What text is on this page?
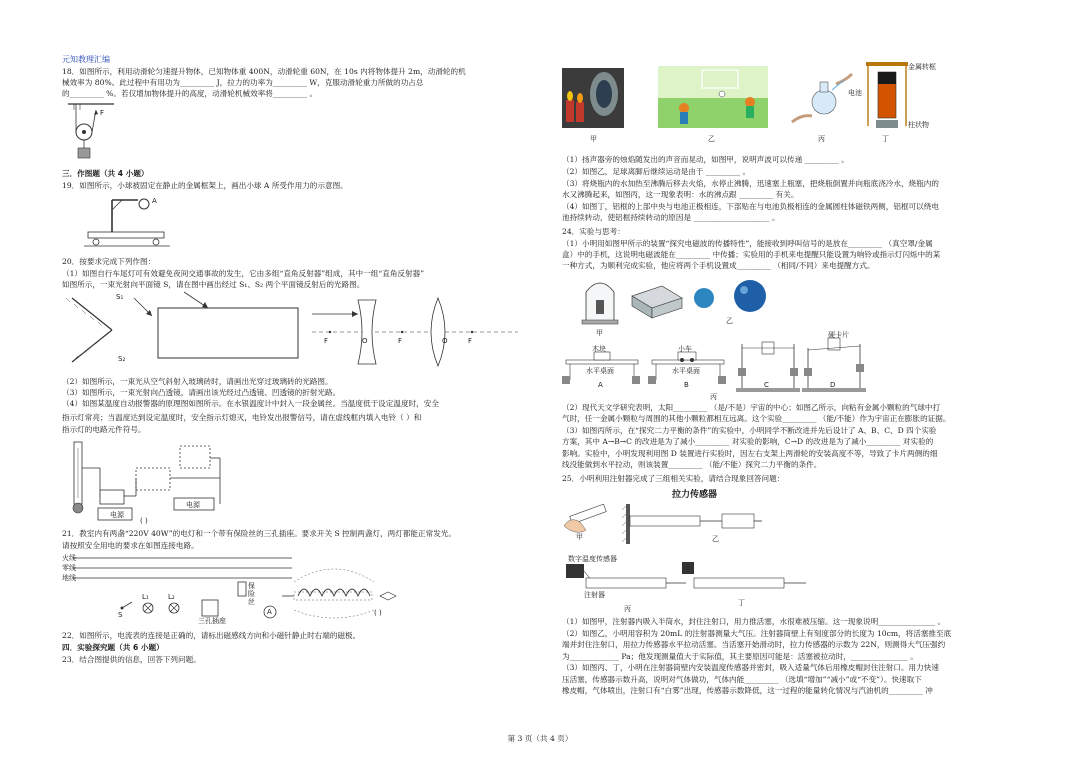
元知教理汇编
18．如图所示，利用动滑轮匀速提升物体，已知物体重 400N，动滑轮重 60N，在 10s 内将物体提升 2m，动滑轮的机
械效率为 80%。此过程中有用功为_________ J，拉力的功率为_________ W，克服动滑轮重力所做的功占总
的_________ %。若仅增加物体提升的高度，动滑轮机械效率将_________ 。
F
三．作图题（共 4 小题）
19．如图所示，小球被固定在静止的金属框架上，画出小球 A 所受作用力的示意图。
A
20．按要求完成下列作图：
（1）如图自行车尾灯可有效避免夜间交通事故的发生，它由多组“直角反射器”组成，其中一组“直角反射器”
如图所示，一束光射向平面镜 S，请在图中画出经过 S₁、S₂ 两个平面镜反射后的光路图。
S₁
S₂
F	O	F	O	F
（2）如图所示，一束光从空气斜射入玻璃砖时，请画出光穿过玻璃砖的光路图。
（3）如图所示，一束光射向凸透镜，请画出该光经过凸透镜、凹透镜的折射光路。
（4）如图某温度自动报警器的原理图如图所示。在水银温度计中封入一段金属丝。当温度低于设定温度时，安全
指示灯常亮；当温度达到设定温度时，安全指示灯熄灭，电铃发出报警信号，请在虚线框内填入电铃（ ）和
指示灯的电路元件符号。
电源
电源
( )
21．教室内有两盏“220V 40W”的电灯和一个带有保险丝的三孔插座。要求开关 S 控制两盏灯，两灯都能正常发光。
请按照安全用电的要求在如图连接电路。
火线
零线
地线
S
L₁	L₂
保险丝
三孔插座
A	( )
22．如图所示，电流表的连接是正确的，请标出磁感线方向和小磁针静止时右端的磁极。
四．实验探究题（共 6 小题）
23．结合图提供的信息，回答下列问题。
甲	乙	丙	丁
金属转框
电池
柱状物
（1）扬声器旁的烛焰随发出的声音而晃动，如图甲，说明声波可以传递 _________ 。
（2）如图乙，足球离脚后继续运动是由于 _________ 。
（3）将烧瓶内的水加热至沸腾后移去火焰，水停止沸腾，迅速塞上瓶塞，把烧瓶倒置并向瓶底浇冷水，烧瓶内的
水又沸腾起来，如图丙，这一现象表明：水的沸点跟 _________ 有关。
（4）如图丁，铝框的上部中央与电池正极相连，下部贴在与电池负极相连的金属圆柱体磁铁两侧，铝框可以绕电
池持续转动，使铝框持续转动的原因是 ____________________ 。
24．实验与思考：
（1）小明用如图甲所示的装置“探究电磁波的传播特性”，能接收到呼叫信号的是放在_________ （真空罩/金属
盒）中的手机，这说明电磁波能在_________ 中传播；实验用的手机来电提醒只能设置为响铃或指示灯闪烁中的某
一种方式，为顺利完成实验，他应将两个手机设置成_________ （相同/不同）来电提醒方式。
甲
乙
丙
A	B	C	D
木块	小车
硬卡片
水平桌面	水平桌面
（2）现代天文学研究表明，太阳_________ （是/不是）宇宙的中心；如图乙所示，向粘有金属小颗粒的气球中打
气时，任一金属小颗粒与周围的其他小颗粒都相互远离。这个实验_________ （能/不能）作为宇宙正在膨胀的证据。
（3）如图丙所示，在“探究二力平衡的条件”的实验中，小明同学不断改进并先后设计了 A、B、C、D 四个实验
方案，其中 A→B→C 的改进是为了减小_________ 对实验的影响，C→D 的改进是为了减小_________ 对实验的
影响。实验中，小明发现利用图 D 装置进行实验时，因左右支架上两滑轮的安装高度不等，导致了卡片两侧的细
线没能做到水平拉动，则该装置_________ （能/不能）探究二力平衡的条件。
25．小明利用注射器完成了三组相关实验，请结合现象回答问题：
拉力传感器
数字温度传感器
注射器
甲	乙
丙
丁
（1）如图甲，注射器内吸入半筒水，封住注射口，用力推活塞，水很难被压缩。这一现象说明_______________ 。
（2）如图乙，小明用容积为 20mL 的注射器测量大气压。注射器筒壁上有刻度部分的长度为 10cm，将活塞推至底
端并封住注射口，用拉力传感器水平拉动活塞。当活塞开始滑动时，拉力传感器的示数为 22N，则测得大气压强约
为_____________ Pa；他发现测量值大于实际值，其主要原因可能是：活塞被拉动时，_______________ 。
（3）如图丙、丁，小明在注射器筒壁内安装温度传感器并密封，吸入适量气体后用橡皮帽封住注射口。用力快速
压活塞，传感器示数升高，说明对气体做功，气体内能_________ （选填“增加”“减小”或“不变”）。快速取下
橡皮帽，气体喷出，注射口有“白雾”出现，传感器示数降低，这一过程的能量转化情况与汽油机的_________ 冲
第 3 页（共 4 页）
